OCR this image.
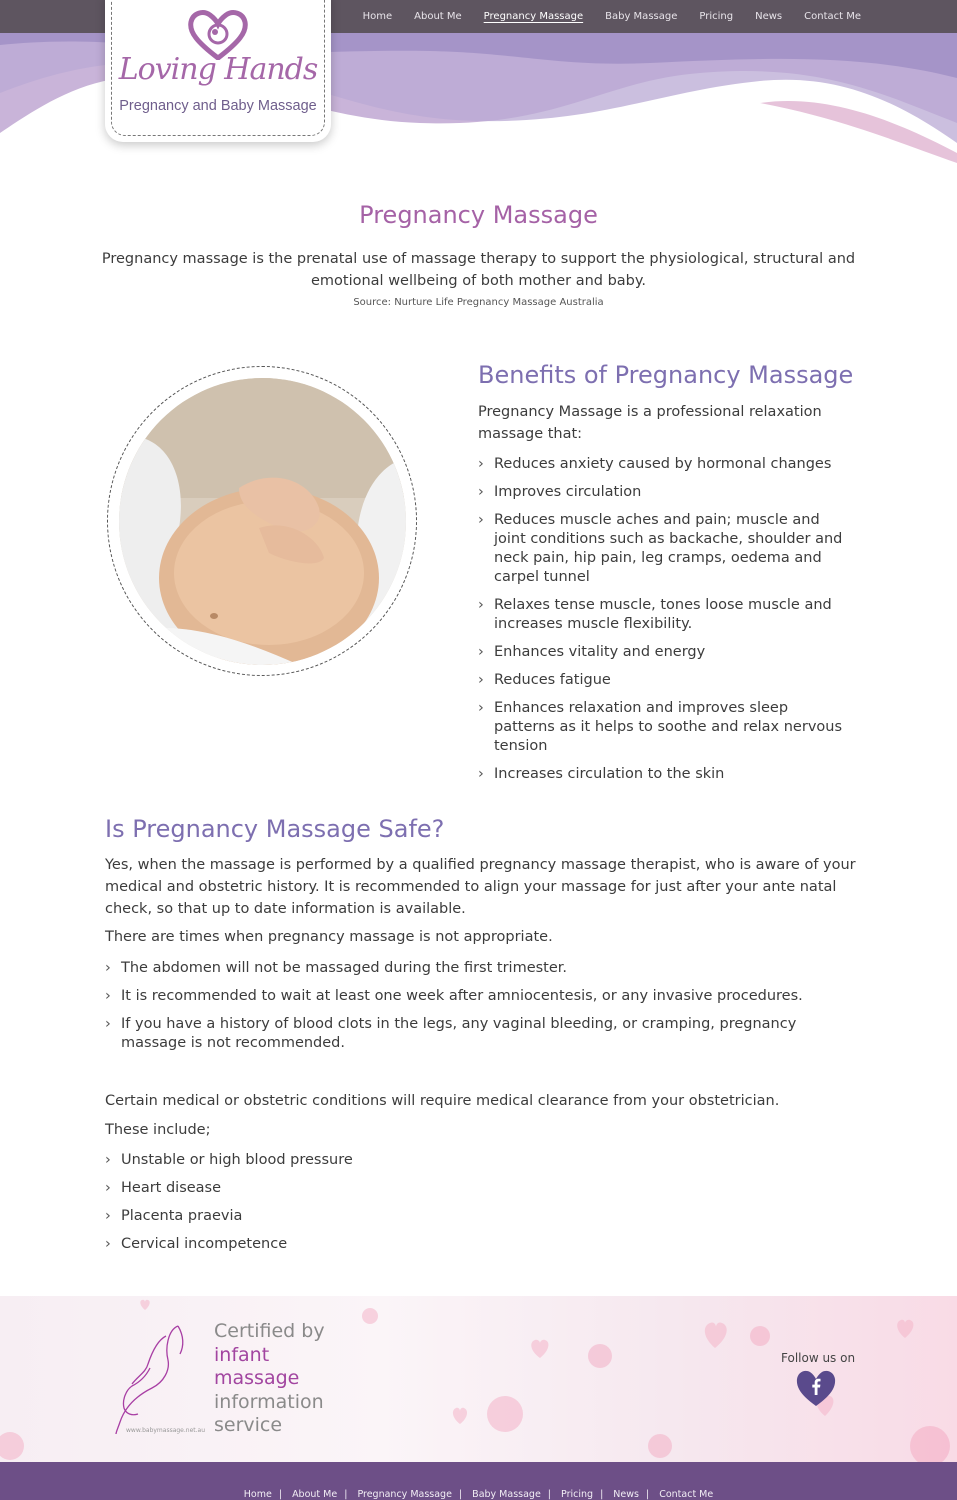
Home About Me Pregnancy Massage Baby Massage Pricing News Contact Me
Loving Hands
Pregnancy and Baby Massage
Pregnancy Massage

Pregnancy massage is the prenatal use of massage therapy to support the physiological, structural and emotional wellbeing of both mother and baby.

Source: Nurture Life Pregnancy Massage Australia
Benefits of Pregnancy Massage

Pregnancy Massage is a professional relaxation massage that:

› Reduces anxiety caused by hormonal changes
› Improves circulation
› Reduces muscle aches and pain; muscle and joint conditions such as backache, shoulder and neck pain, hip pain, leg cramps, oedema and carpel tunnel
› Relaxes tense muscle, tones loose muscle and increases muscle flexibility.
› Enhances vitality and energy
› Reduces fatigue
› Enhances relaxation and improves sleep patterns as it helps to soothe and relax nervous tension
› Increases circulation to the skin
Is Pregnancy Massage Safe?

Yes, when the massage is performed by a qualified pregnancy massage therapist, who is aware of your medical and obstetric history. It is recommended to align your massage for just after your ante natal check, so that up to date information is available.

There are times when pregnancy massage is not appropriate.

› The abdomen will not be massaged during the first trimester.
› It is recommended to wait at least one week after amniocentesis, or any invasive procedures.
› If you have a history of blood clots in the legs, any vaginal bleeding, or cramping, pregnancy massage is not recommended.

Certain medical or obstetric conditions will require medical clearance from your obstetrician.

These include;

› Unstable or high blood pressure
› Heart disease
› Placenta praevia
› Cervical incompetence
Certified by
infant
massage
information
service
www.babymassage.net.au
Follow us on
Home | About Me | Pregnancy Massage | Baby Massage | Pricing | News | Contact Me
